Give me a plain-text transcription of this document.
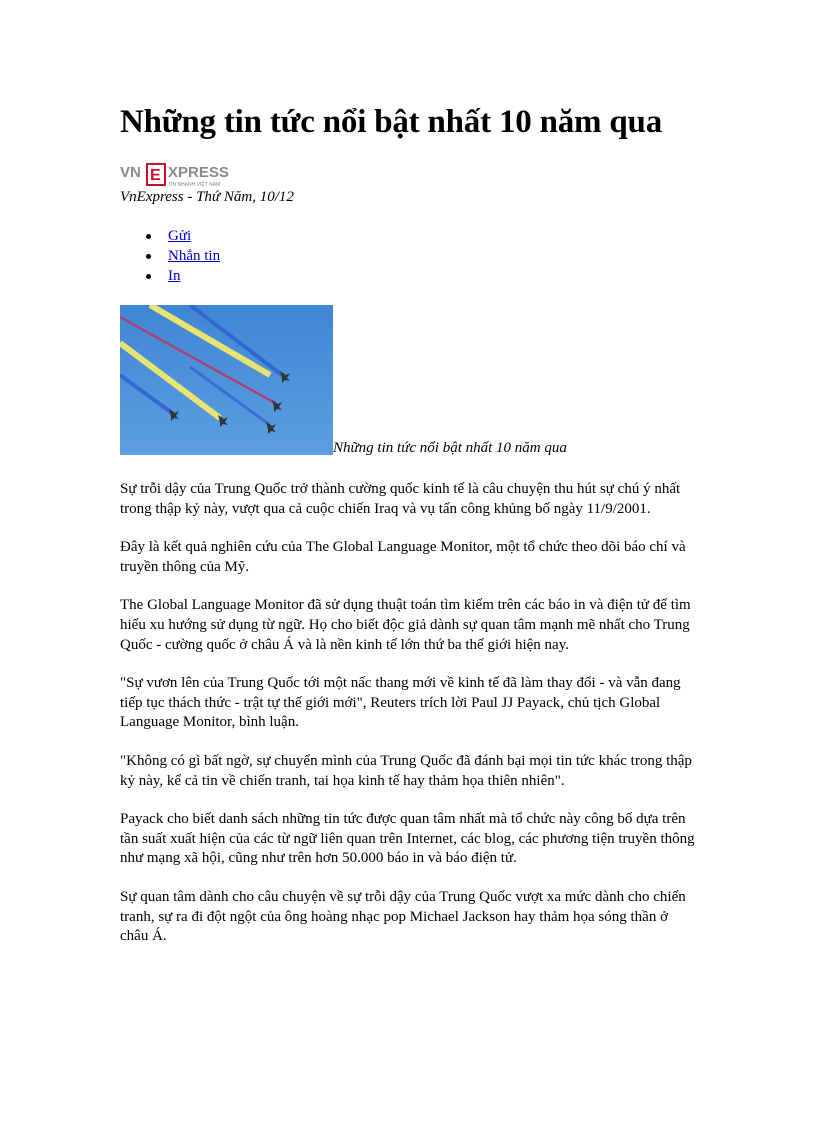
Những tin tức nổi bật nhất 10 năm qua
VN E XPRESS
TIN NHANH VIỆT NAM
VnExpress - Thứ Năm, 10/12
Gửi
Nhắn tin
In
Những tin tức nổi bật nhất 10 năm qua

Sự trỗi dậy của Trung Quốc trở thành cường quốc kinh tế là câu chuyện thu hút sự chú ý nhất trong thập kỷ này, vượt qua cả cuộc chiến Iraq và vụ tấn công khủng bố ngày 11/9/2001.

Đây là kết quả nghiên cứu của The Global Language Monitor, một tổ chức theo dõi báo chí và truyền thông của Mỹ.

The Global Language Monitor đã sử dụng thuật toán tìm kiếm trên các báo in và điện tử để tìm hiểu xu hướng sử dụng từ ngữ. Họ cho biết độc giả dành sự quan tâm mạnh mẽ nhất cho Trung Quốc - cường quốc ở châu Á và là nền kinh tế lớn thứ ba thế giới hiện nay.

"Sự vươn lên của Trung Quốc tới một nấc thang mới về kinh tế đã làm thay đổi - và vẫn đang tiếp tục thách thức - trật tự thế giới mới", Reuters trích lời Paul JJ Payack, chủ tịch Global Language Monitor, bình luận.

"Không có gì bất ngờ, sự chuyển mình của Trung Quốc đã đánh bại mọi tin tức khác trong thập kỷ này, kể cả tin về chiến tranh, tai họa kinh tế hay thảm họa thiên nhiên".

Payack cho biết danh sách những tin tức được quan tâm nhất mà tổ chức này công bố dựa trên tần suất xuất hiện của các từ ngữ liên quan trên Internet, các blog, các phương tiện truyền thông như mạng xã hội, cũng như trên hơn 50.000 báo in và báo điện tử.

Sự quan tâm dành cho câu chuyện về sự trỗi dậy của Trung Quốc vượt xa mức dành cho chiến tranh, sự ra đi đột ngột của ông hoàng nhạc pop Michael Jackson hay thảm họa sóng thần ở châu Á.
